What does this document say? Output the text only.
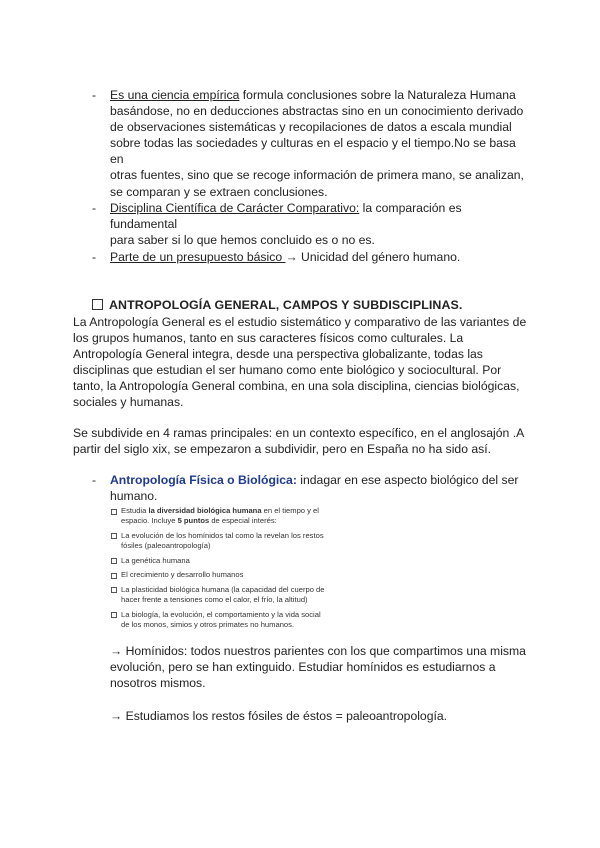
- Es una ciencia empírica formula conclusiones sobre la Naturaleza Humana
basándose, no en deducciones abstractas sino en un conocimiento derivado
de observaciones sistemáticas y recopilaciones de datos a escala mundial
sobre todas las sociedades y culturas en el espacio y el tiempo.No se basa en
otras fuentes, sino que se recoge información de primera mano, se analizan,
se comparan y se extraen conclusiones.
- Disciplina Científica de Carácter Comparativo: la comparación es fundamental
para saber si lo que hemos concluido es o no es.
- Parte de un presupuesto básico → Unicidad del género humano.
ANTROPOLOGÍA GENERAL, CAMPOS Y SUBDISCIPLINAS.
La Antropología General es el estudio sistemático y comparativo de las variantes de
los grupos humanos, tanto en sus caracteres físicos como culturales. La
Antropología General integra, desde una perspectiva globalizante, todas las
disciplinas que estudian el ser humano como ente biológico y sociocultural. Por
tanto, la Antropología General combina, en una sola disciplina, ciencias biológicas,
sociales y humanas.
Se subdivide en 4 ramas principales: en un contexto específico, en el anglosajón .A
partir del siglo xix, se empezaron a subdividir, pero en España no ha sido así.
- Antropología Física o Biológica: indagar en ese aspecto biológico del ser
humano.
Estudia la diversidad biológica humana en el tiempo y el
espacio. Incluye 5 puntos de especial interés:
La evolución de los homínidos tal como la revelan los restos
fósiles (paleoantropología)
La genética humana
El crecimiento y desarrollo humanos
La plasticidad biológica humana (la capacidad del cuerpo de
hacer frente a tensiones como el calor, el frío, la altitud)
La biología, la evolución, el comportamiento y la vida social
de los monos, simios y otros primates no humanos.
→ Homínidos: todos nuestros parientes con los que compartimos una misma
evolución, pero se han extinguido. Estudiar homínidos es estudiarnos a
nosotros mismos.
→ Estudiamos los restos fósiles de éstos = paleoantropología.
